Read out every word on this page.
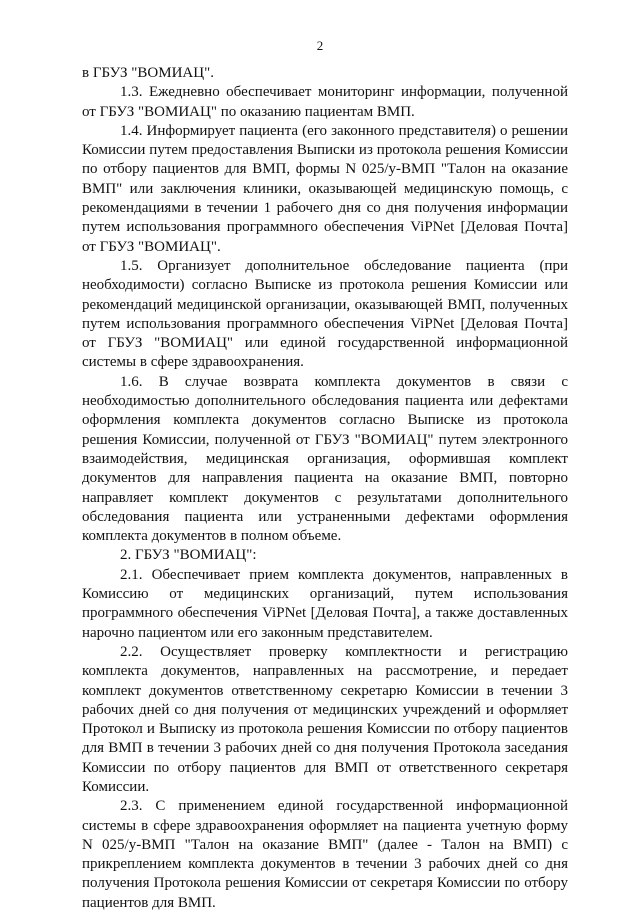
2

в ГБУЗ "ВОМИАЦ".

1.3. Ежедневно обеспечивает мониторинг информации, полученной от ГБУЗ "ВОМИАЦ" по оказанию пациентам ВМП.

1.4. Информирует пациента (его законного представителя) о решении Комиссии путем предоставления Выписки из протокола решения Комиссии по отбору пациентов для ВМП, формы N 025/у-ВМП "Талон на оказание ВМП" или заключения клиники, оказывающей медицинскую помощь, с рекомендациями в течении 1 рабочего дня со дня получения информации путем использования программного обеспечения ViPNet [Деловая Почта] от ГБУЗ "ВОМИАЦ".

1.5. Организует дополнительное обследование пациента (при необходимости) согласно Выписке из протокола решения Комиссии или рекомендаций медицинской организации, оказывающей ВМП, полученных путем использования программного обеспечения ViPNet [Деловая Почта] от ГБУЗ "ВОМИАЦ" или единой государственной информационной системы в сфере здравоохранения.

1.6. В случае возврата комплекта документов в связи с необходимостью дополнительного обследования пациента или дефектами оформления комплекта документов согласно Выписке из протокола решения Комиссии, полученной от ГБУЗ "ВОМИАЦ" путем электронного взаимодействия, медицинская организация, оформившая комплект документов для направления пациента на оказание ВМП, повторно направляет комплект документов с результатами дополнительного обследования пациента или устраненными дефектами оформления комплекта документов в полном объеме.

2. ГБУЗ "ВОМИАЦ":

2.1. Обеспечивает прием комплекта документов, направленных в Комиссию от медицинских организаций, путем использования программного обеспечения ViPNet [Деловая Почта], а также доставленных нарочно пациентом или его законным представителем.

2.2. Осуществляет проверку комплектности и регистрацию комплекта документов, направленных на рассмотрение, и передает комплект документов ответственному секретарю Комиссии в течении 3 рабочих дней со дня получения от медицинских учреждений и оформляет Протокол и Выписку из протокола решения Комиссии по отбору пациентов для ВМП в течении 3 рабочих дней со дня получения Протокола заседания Комиссии по отбору пациентов для ВМП от ответственного секретаря Комиссии.

2.3. С применением единой государственной информационной системы в сфере здравоохранения оформляет на пациента учетную форму N 025/у-ВМП "Талон на оказание ВМП" (далее - Талон на ВМП) с прикреплением комплекта документов в течении 3 рабочих дней со дня получения Протокола решения Комиссии от секретаря Комиссии по отбору пациентов для ВМП.
